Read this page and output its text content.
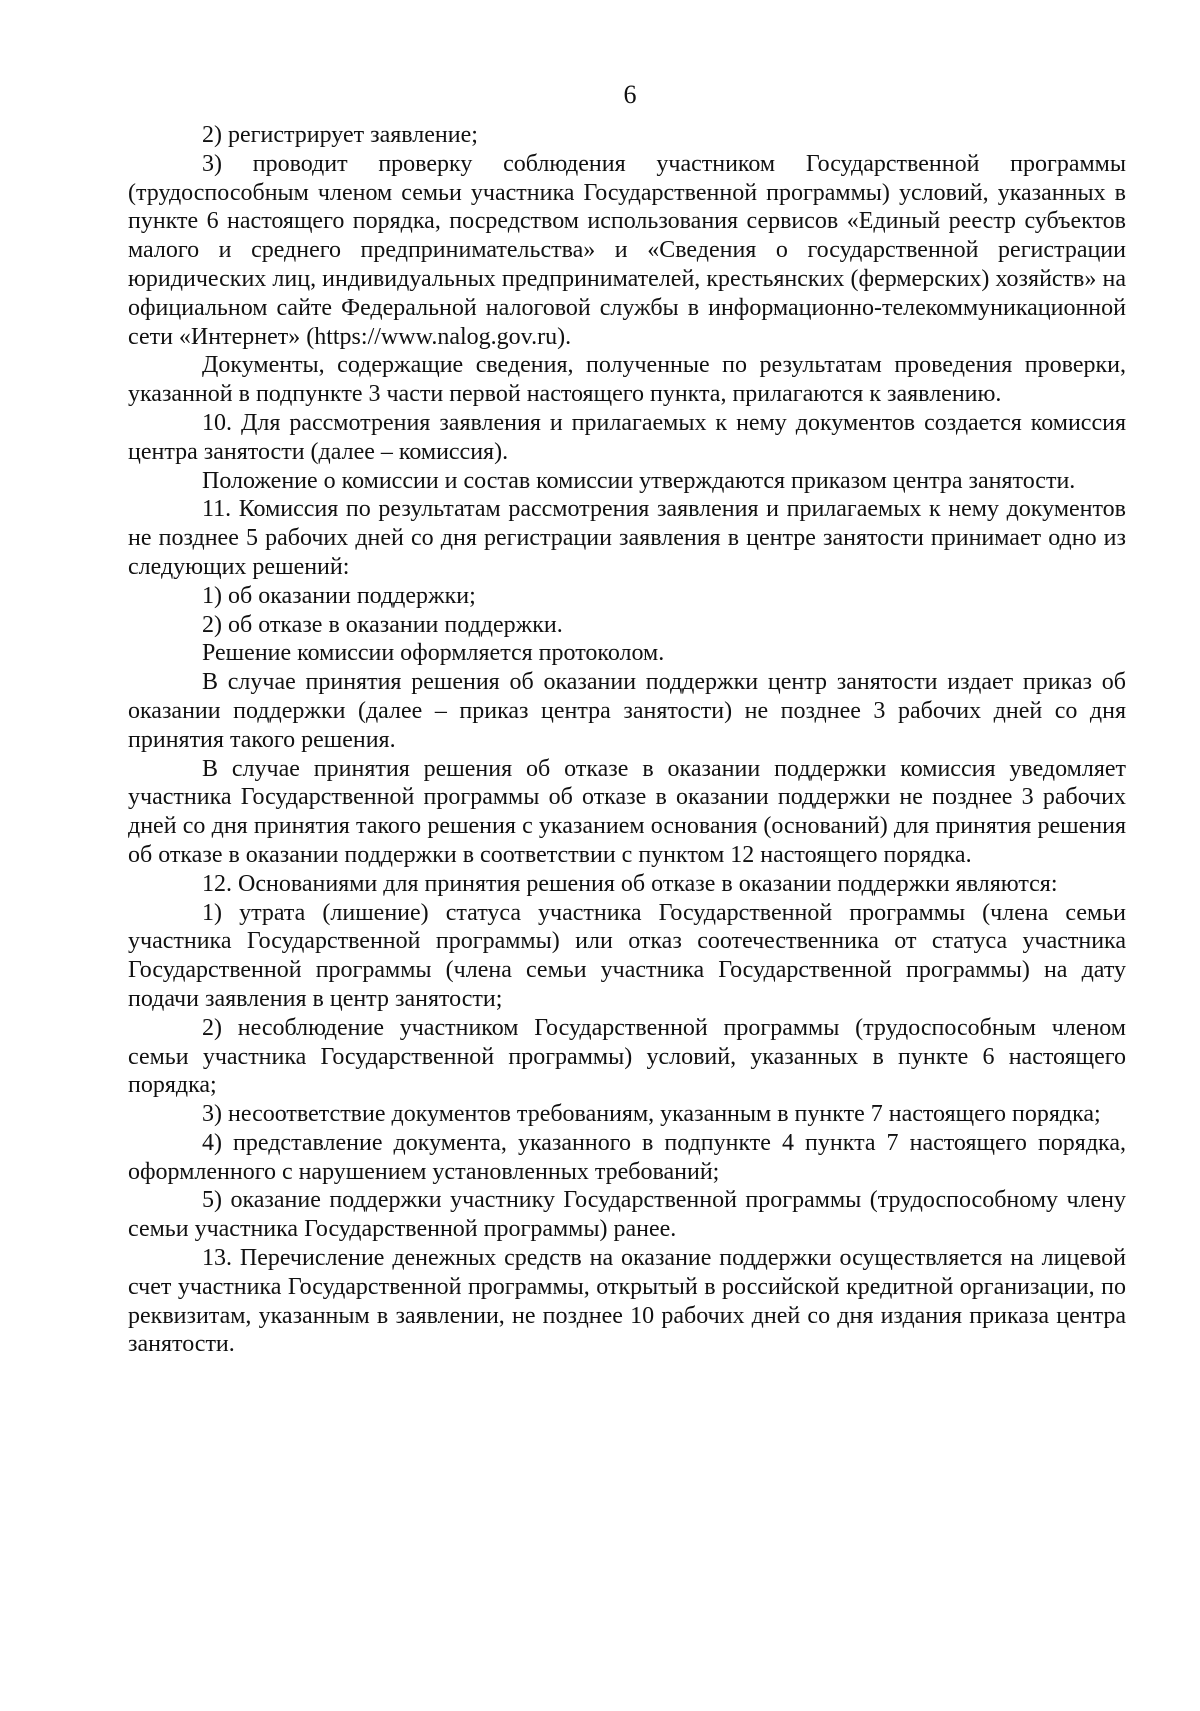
6

2) регистрирует заявление;

3) проводит проверку соблюдения участником Государственной программы (трудоспособным членом семьи участника Государственной программы) условий, указанных в пункте 6 настоящего порядка, посредством использования сервисов «Единый реестр субъектов малого и среднего предпринимательства» и «Сведения о государственной регистрации юридических лиц, индивидуальных предпринимателей, крестьянских (фермерских) хозяйств» на официальном сайте Федеральной налоговой службы в информационно-телекоммуникационной сети «Интернет» (https://www.nalog.gov.ru).

Документы, содержащие сведения, полученные по результатам проведения проверки, указанной в подпункте 3 части первой настоящего пункта, прилагаются к заявлению.

10. Для рассмотрения заявления и прилагаемых к нему документов создается комиссия центра занятости (далее – комиссия).

Положение о комиссии и состав комиссии утверждаются приказом центра занятости.

11. Комиссия по результатам рассмотрения заявления и прилагаемых к нему документов не позднее 5 рабочих дней со дня регистрации заявления в центре занятости принимает одно из следующих решений:

1) об оказании поддержки;

2) об отказе в оказании поддержки.

Решение комиссии оформляется протоколом.

В случае принятия решения об оказании поддержки центр занятости издает приказ об оказании поддержки (далее – приказ центра занятости) не позднее 3 рабочих дней со дня принятия такого решения.

В случае принятия решения об отказе в оказании поддержки комиссия уведомляет участника Государственной программы об отказе в оказании поддержки не позднее 3 рабочих дней со дня принятия такого решения с указанием основания (оснований) для принятия решения об отказе в оказании поддержки в соответствии с пунктом 12 настоящего порядка.

12. Основаниями для принятия решения об отказе в оказании поддержки являются:

1) утрата (лишение) статуса участника Государственной программы (члена семьи участника Государственной программы) или отказ соотечественника от статуса участника Государственной программы (члена семьи участника Государственной программы) на дату подачи заявления в центр занятости;

2) несоблюдение участником Государственной программы (трудоспособным членом семьи участника Государственной программы) условий, указанных в пункте 6 настоящего порядка;

3) несоответствие документов требованиям, указанным в пункте 7 настоящего порядка;

4) представление документа, указанного в подпункте 4 пункта 7 настоящего порядка, оформленного с нарушением установленных требований;

5) оказание поддержки участнику Государственной программы (трудоспособному члену семьи участника Государственной программы) ранее.

13. Перечисление денежных средств на оказание поддержки осуществляется на лицевой счет участника Государственной программы, открытый в российской кредитной организации, по реквизитам, указанным в заявлении, не позднее 10 рабочих дней со дня издания приказа центра занятости.
